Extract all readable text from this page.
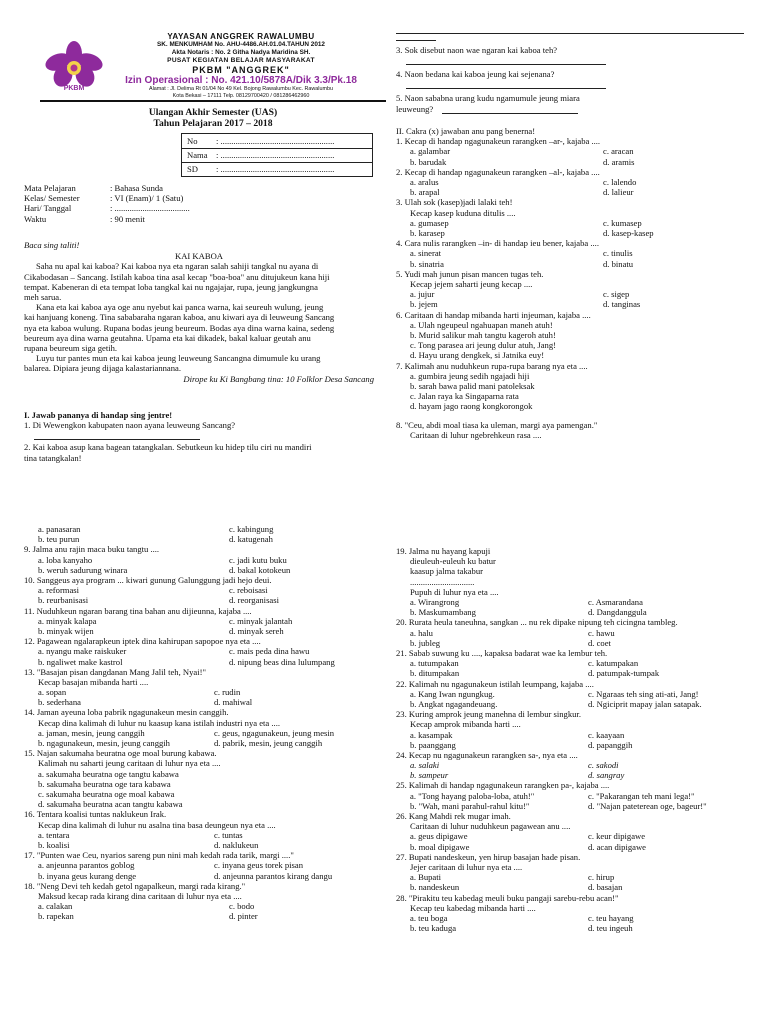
PKBM
YAYASAN ANGGREK RAWALUMBU
SK. MENKUMHAM No. AHU-4486.AH.01.04.TAHUN 2012
Akta Notaris : No. 2 Githa Nadya Maridina SH.
PUSAT KEGIATAN BELAJAR MASYARAKAT
PKBM "ANGGREK"
Izin Operasional : No. 421.10/5878A/Dik 3.3/Pk.18
Alamat : Jl. Delima Rt 01/04 No 49 Kel. Bojong Rawalumbu Kec. Rawalumbu
Kota Bekasi – 17111 Telp. 08129700420 / 081286462960
Ulangan Akhir Semester (UAS)
Tahun Pelajaran 2017 – 2018
No : .....................................................
Nama : .....................................................
SD : .....................................................
Mata Pelajaran	: Bahasa Sunda
Kelas/ Semester	: VI (Enam)/ 1 (Satu)
Hari/ Tanggal	: ...................................
Waktu	: 90 menit
Baca sing taliti!
KAI KABOA
Saha nu apal kai kaboa? Kai kaboa nya eta ngaran salah sahiji tangkal nu ayana di
Cikabodasan – Sancang. Istilah kaboa tina asal kecap "boa-boa" anu ditujukeun kana hiji
tempat. Kabeneran di eta tempat loba tangkal kai nu ngajajar, rupa, jeung jangkungna
meh sarua.
Kana eta kai kaboa aya oge anu nyebut kai panca warna, kai seureuh wulung, jeung
kai hanjuang koneng. Tina sababaraha ngaran kaboa, anu kiwari aya di leuweung Sancang
nya eta kaboa wulung. Rupana bodas jeung beureum. Bodas aya dina warna kaina, sedeng
beureum aya dina warna geutahna. Upama eta kai dikadek, bakal kaluar geutah anu
rupana beureum siga getih.
Luyu tur pantes mun eta kai kaboa jeung leuweung Sancangna dimumule ku urang
balarea. Dipiara jeung dijaga kalastariannana.
Dirope ku Ki Bangbang tina: 10 Folklor Desa Sancang
I. Jawab pananya di handap sing jentre!
1. Di Wewengkon kabupaten naon ayana leuweung Sancang?
2. Kai kaboa asup kana bagean tatangkalan. Sebutkeun ku hidep tilu ciri nu mandiri
tina tatangkalan!
3. Sok disebut naon wae ngaran kai kaboa teh?
4. Naon bedana kai kaboa jeung kai sejenana?
5. Naon sababna urang kudu ngamumule jeung miara
leuweung?
II. Cakra (x) jawaban anu pang benerna!
1. Kecap di handap ngagunakeun rarangken –ar-, kajaba ....
a. galambar	c. aracan
b. barudak	d. aramis
2. Kecap di handap ngagunakeun rarangken –al-, kajaba ....
a. aralus	c. lalendo
b. arapal	d. lalieur
3. Ulah sok (kasep)jadi lalaki teh!
Kecap kasep kuduna ditulis ....
a. gumasep	c. kumasep
b. karasep	d. kasep-kasep
4. Cara nulis rarangken –in- di handap ieu bener, kajaba ....
a. sinerat	c. tinulis
b. sinatria	d. binatu
5. Yudi mah junun pisan mancen tugas teh.
Kecap jejem saharti jeung kecap ....
a. jujur	c. sigep
b. jejem	d. tanginas
6. Caritaan di handap mibanda harti injeuman, kajaba ....
a. Ulah ngeupeul ngahuapan maneh atuh!
b. Murid salikur mah tangtu kageroh atuh!
c. Tong parasea ari jeung dulur atuh, Jang!
d. Hayu urang dengkek, si Jatnika euy!
7. Kalimah anu nuduhkeun rupa-rupa barang nya eta ....
a. gumbira jeung sedih ngajadi hiji
b. sarah bawa palid mani patoleksak
c. Jalan raya ka Singaparna rata
d. hayam jago raong kongkorongok
8. "Ceu, abdi moal tiasa ka uleman, margi aya pamengan."
Caritaan di luhur ngebrehkeun rasa ....
a. panasaran	c. kabingung
b. teu purun	d. katugenah
9. Jalma anu rajin maca buku tangtu ....
a. loba kanyaho	c. jadi kutu buku
b. weruh sadurung winara	d. bakal kotokeun
10. Sanggeus aya program ... kiwari gunung Galunggung jadi hejo deui.
a. reformasi	c. reboisasi
b. reurbanisasi	d. reorganisasi
11. Nuduhkeun ngaran barang tina bahan anu dijieunna, kajaba ....
a. minyak kalapa	c. minyak jalantah
b. minyak wijen	d. minyak sereh
12. Pagawean ngalarapkeun iptek dina kahirupan sapopoe nya eta ....
a. nyangu make raiskuker	c. mais peda dina hawu
b. ngaliwet make kastrol	d. nipung beas dina lulumpang
13. "Basajan pisan dangdanan Mang Jalil teh, Nyai!"
Kecap basajan mibanda harti ....
a. sopan	c. rudin
b. sederhana	d. mahiwal
14. Jaman ayeuna loba pabrik ngagunakeun mesin canggih.
Kecap dina kalimah di luhur nu kaasup kana istilah industri nya eta ....
a. jaman, mesin, jeung canggih	c. geus, ngagunakeun, jeung mesin
b. ngagunakeun, mesin, jeung canggih	d. pabrik, mesin, jeung canggih
15. Najan sakumaha beuratna oge moal burung kabawa.
Kalimah nu saharti jeung caritaan di luhur nya eta ....
a. sakumaha beuratna oge tangtu kabawa
b. sakumaha beuratna oge tara kabawa
c. sakumaha beuratna oge moal kabawa
d. sakumaha beuratna acan tangtu kabawa
16. Tentara koalisi tuntas naklukeun Irak.
Kecap dina kalimah di luhur nu asalna tina basa deungeun nya eta ....
a. tentara	c. tuntas
b. koalisi	d. naklukeun
17. "Punten wae Ceu, nyarios sareng pun nini mah kedah rada tarik, margi ...."
a. anjeunna parantos goblog	c. inyana geus torek pisan
b. inyana geus kurang denge	d. anjeunna parantos kirang dangu
18. "Neng Devi teh kedah getol ngapalkeun, margi rada kirang."
Maksud kecap rada kirang dina caritaan di luhur nya eta ....
a. calakan	c. bodo
b. rapekan	d. pinter
19. Jalma nu hayang kapuji
dieuleuh-euleuh ku batur
kaasup jalma takabur
..............................
Pupuh di luhur nya eta ....
a. Wirangrong	c. Asmarandana
b. Maskumambang	d. Dangdanggula
20. Rurata heula taneuhna, sangkan ... nu rek dipake nipung teh cicingna tambleg.
a. halu	c. hawu
b. jubleg	d. coet
21. Sabab suwung ku ...., kapaksa badarat wae ka lembur teh.
a. tutumpakan	c. katumpakan
b. ditumpakan	d. patumpak-tumpak
22. Kalimah nu ngagunakeun istilah leumpang, kajaba ....
a. Kang Iwan ngungkug.	c. Ngaraas teh sing ati-ati, Jang!
b. Angkat ngagandeuang.	d. Ngiciprit mapay jalan satapak.
23. Kuring amprok jeung manehna di lembur singkur.
Kecap amprok mibanda harti ....
a. kasampak	c. kaayaan
b. paanggang	d. papanggih
24. Kecap nu ngagunakeun rarangken sa-, nya eta ....
a. salaki	c. sakodi
b. sampeur	d. sangray
25. Kalimah di handap ngagunakeun rarangken pa-, kajaba ....
a. "Tong hayang paloba-loba, atuh!"	c. "Pakarangan teh mani lega!"
b. "Wah, mani parahul-rahul kitu!"	d. "Najan pateterean oge, bageur!"
26. Kang Mahdi rek mugar imah.
Caritaan di luhur nuduhkeun pagawean anu ....
a. geus dipigawe	c. keur dipigawe
b. moal dipigawe	d. acan dipigawe
27. Bupati nandeskeun, yen hirup basajan hade pisan.
Jejer caritaan di luhur nya eta ....
a. Bupati	c. hirup
b. nandeskeun	d. basajan
28. "Pirakitu teu kabedag meuli buku pangaji sarebu-rebu acan!"
Kecap teu kabedag mibanda harti ....
a. teu boga	c. teu hayang
b. teu kaduga	d. teu ingeuh
